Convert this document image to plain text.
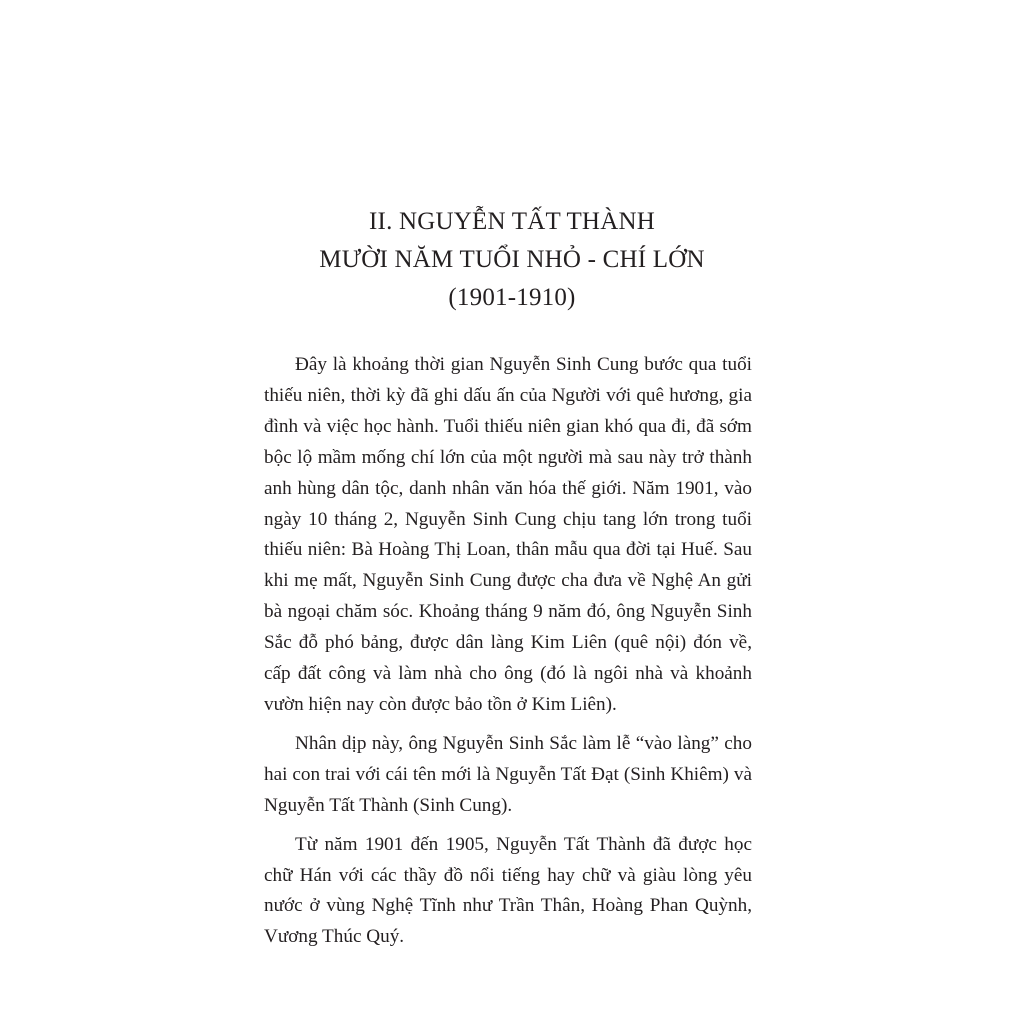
II. NGUYỄN TẤT THÀNH
MƯỜI NĂM TUỔI NHỎ - CHÍ LỚN
(1901-1910)

Đây là khoảng thời gian Nguyễn Sinh Cung bước qua tuổi thiếu niên, thời kỳ đã ghi dấu ấn của Người với quê hương, gia đình và việc học hành. Tuổi thiếu niên gian khó qua đi, đã sớm bộc lộ mầm mống chí lớn của một người mà sau này trở thành anh hùng dân tộc, danh nhân văn hóa thế giới. Năm 1901, vào ngày 10 tháng 2, Nguyễn Sinh Cung chịu tang lớn trong tuổi thiếu niên: Bà Hoàng Thị Loan, thân mẫu qua đời tại Huế. Sau khi mẹ mất, Nguyễn Sinh Cung được cha đưa về Nghệ An gửi bà ngoại chăm sóc. Khoảng tháng 9 năm đó, ông Nguyễn Sinh Sắc đỗ phó bảng, được dân làng Kim Liên (quê nội) đón về, cấp đất công và làm nhà cho ông (đó là ngôi nhà và khoảnh vườn hiện nay còn được bảo tồn ở Kim Liên).

Nhân dịp này, ông Nguyễn Sinh Sắc làm lễ “vào làng” cho hai con trai với cái tên mới là Nguyễn Tất Đạt (Sinh Khiêm) và Nguyễn Tất Thành (Sinh Cung).

Từ năm 1901 đến 1905, Nguyễn Tất Thành đã được học chữ Hán với các thầy đồ nổi tiếng hay chữ và giàu lòng yêu nước ở vùng Nghệ Tĩnh như Trần Thân, Hoàng Phan Quỳnh, Vương Thúc Quý.
